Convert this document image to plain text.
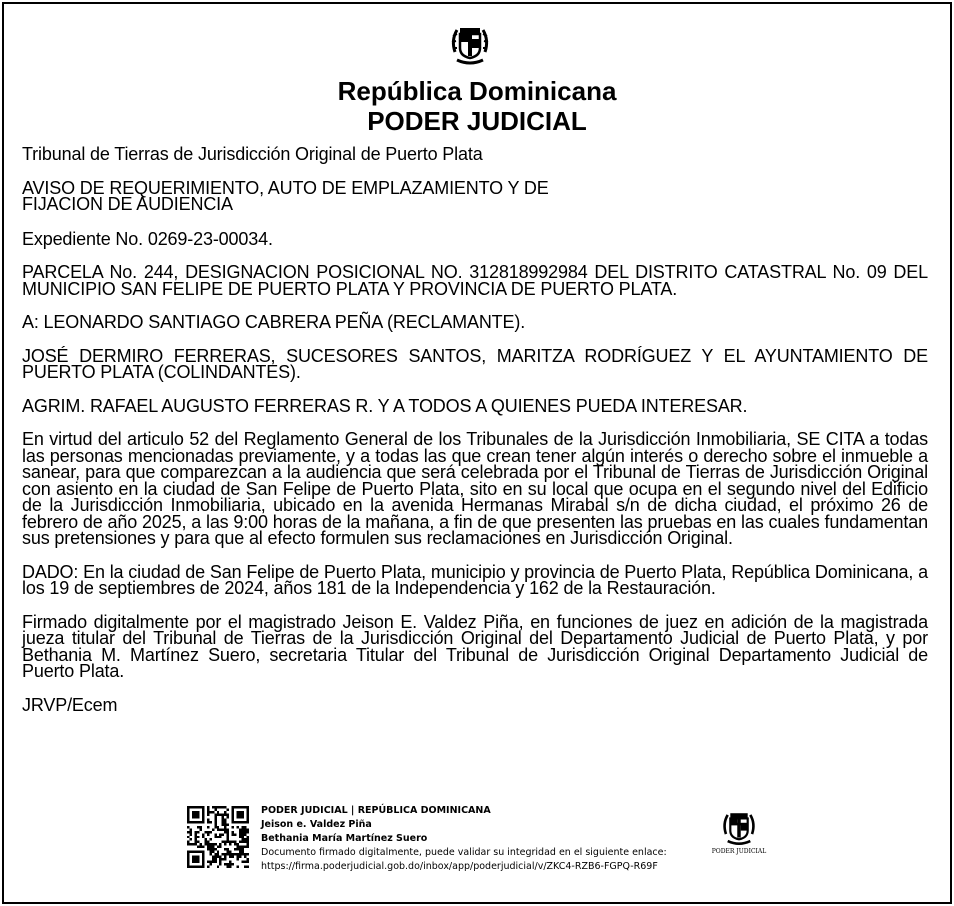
República Dominicana
PODER JUDICIAL

Tribunal de Tierras de Jurisdicción Original de Puerto Plata

AVISO DE REQUERIMIENTO, AUTO DE EMPLAZAMIENTO Y DE FIJACION DE AUDIENCIA

Expediente No. 0269-23-00034.

PARCELA No. 244, DESIGNACION POSICIONAL NO. 312818992984 DEL DISTRITO CATASTRAL No. 09 DEL MUNICIPIO SAN FELIPE DE PUERTO PLATA Y PROVINCIA DE PUERTO PLATA.

A: LEONARDO SANTIAGO CABRERA PEÑA (RECLAMANTE).

JOSÉ DERMIRO FERRERAS, SUCESORES SANTOS, MARITZA RODRÍGUEZ Y EL AYUNTAMIENTO DE PUERTO PLATA (COLINDANTES).

AGRIM. RAFAEL AUGUSTO FERRERAS R. Y A TODOS A QUIENES PUEDA INTERESAR.

En virtud del articulo 52 del Reglamento General de los Tribunales de la Jurisdicción Inmobiliaria, SE CITA a todas las personas mencionadas previamente, y a todas las que crean tener algún interés o derecho sobre el inmueble a sanear, para que comparezcan a la audiencia que será celebrada por el Tribunal de Tierras de Jurisdicción Original con asiento en la ciudad de San Felipe de Puerto Plata, sito en su local que ocupa en el segundo nivel del Edificio de la Jurisdicción Inmobiliaria, ubicado en la avenida Hermanas Mirabal s/n de dicha ciudad, el próximo 26 de febrero de año 2025, a las 9:00 horas de la mañana, a fin de que presenten las pruebas en las cuales fundamentan sus pretensiones y para que al efecto formulen sus reclamaciones en Jurisdicción Original.

DADO: En la ciudad de San Felipe de Puerto Plata, municipio y provincia de Puerto Plata, República Dominicana, a los 19 de septiembres de 2024, años 181 de la Independencia y 162 de la Restauración.

Firmado digitalmente por el magistrado Jeison E. Valdez Piña, en funciones de juez en adición de la magistrada jueza titular del Tribunal de Tierras de la Jurisdicción Original del Departamento Judicial de Puerto Plata, y por Bethania M. Martínez Suero, secretaria Titular del Tribunal de Jurisdicción Original Departamento Judicial de Puerto Plata.

JRVP/Ecem

PODER JUDICIAL | REPÚBLICA DOMINICANA
Jeison e. Valdez Piña
Bethania María Martínez Suero
Documento firmado digitalmente, puede validar su integridad en el siguiente enlace:
https://firma.poderjudicial.gob.do/inbox/app/poderjudicial/v/ZKC4-RZB6-FGPQ-R69F
PODER JUDICIAL
